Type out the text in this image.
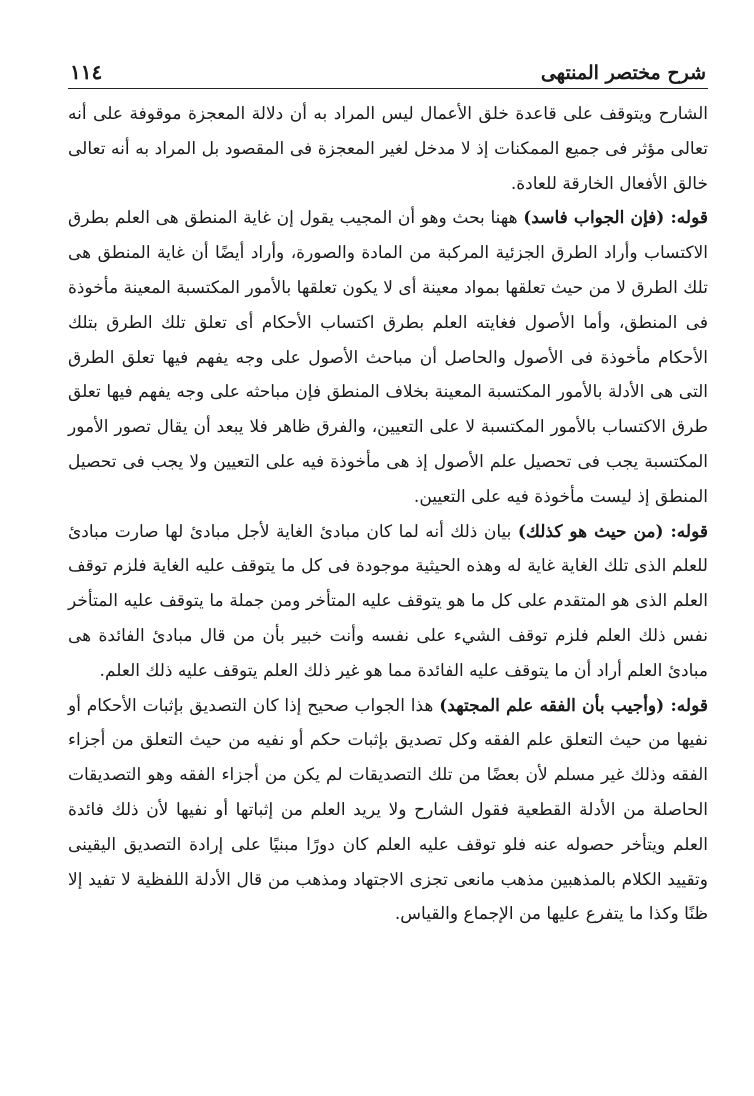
شرح مختصر المنتهى
١١٤

الشارح ويتوقف على قاعدة خلق الأعمال ليس المراد به أن دلالة المعجزة موقوفة على أنه تعالى مؤثر فى جميع الممكنات إذ لا مدخل لغير المعجزة فى المقصود بل المراد به أنه تعالى خالق الأفعال الخارقة للعادة.

قوله: (فإن الجواب فاسد) ههنا بحث وهو أن المجيب يقول إن غاية المنطق هى العلم بطرق الاكتساب وأراد الطرق الجزئية المركبة من المادة والصورة، وأراد أيضًا أن غاية المنطق هى تلك الطرق لا من حيث تعلقها بمواد معينة أى لا يكون تعلقها بالأمور المكتسبة المعينة مأخوذة فى المنطق، وأما الأصول فغايته العلم بطرق اكتساب الأحكام أى تعلق تلك الطرق بتلك الأحكام مأخوذة فى الأصول والحاصل أن مباحث الأصول على وجه يفهم فيها تعلق الطرق التى هى الأدلة بالأمور المكتسبة المعينة بخلاف المنطق فإن مباحثه على وجه يفهم فيها تعلق طرق الاكتساب بالأمور المكتسبة لا على التعيين، والفرق ظاهر فلا يبعد أن يقال تصور الأمور المكتسبة يجب فى تحصيل علم الأصول إذ هى مأخوذة فيه على التعيين ولا يجب فى تحصيل المنطق إذ ليست مأخوذة فيه على التعيين.

قوله: (من حيث هو كذلك) بيان ذلك أنه لما كان مبادئ الغاية لأجل مبادئ لها صارت مبادئ للعلم الذى تلك الغاية غاية له وهذه الحيثية موجودة فى كل ما يتوقف عليه الغاية فلزم توقف العلم الذى هو المتقدم على كل ما هو يتوقف عليه المتأخر ومن جملة ما يتوقف عليه المتأخر نفس ذلك العلم فلزم توقف الشيء على نفسه وأنت خبير بأن من قال مبادئ الفائدة هى مبادئ العلم أراد أن ما يتوقف عليه الفائدة مما هو غير ذلك العلم يتوقف عليه ذلك العلم.

قوله: (وأجيب بأن الفقه علم المجتهد) هذا الجواب صحيح إذا كان التصديق بإثبات الأحكام أو نفيها من حيث التعلق علم الفقه وكل تصديق بإثبات حكم أو نفيه من حيث التعلق من أجزاء الفقه وذلك غير مسلم لأن بعضًا من تلك التصديقات لم يكن من أجزاء الفقه وهو التصديقات الحاصلة من الأدلة القطعية فقول الشارح ولا يريد العلم من إثباتها أو نفيها لأن ذلك فائدة العلم ويتأخر حصوله عنه فلو توقف عليه العلم كان دورًا مبنيًا على إرادة التصديق اليقينى وتقييد الكلام بالمذهبين مذهب مانعى تجزى الاجتهاد ومذهب من قال الأدلة اللفظية لا تفيد إلا ظنًا وكذا ما يتفرع عليها من الإجماع والقياس.
